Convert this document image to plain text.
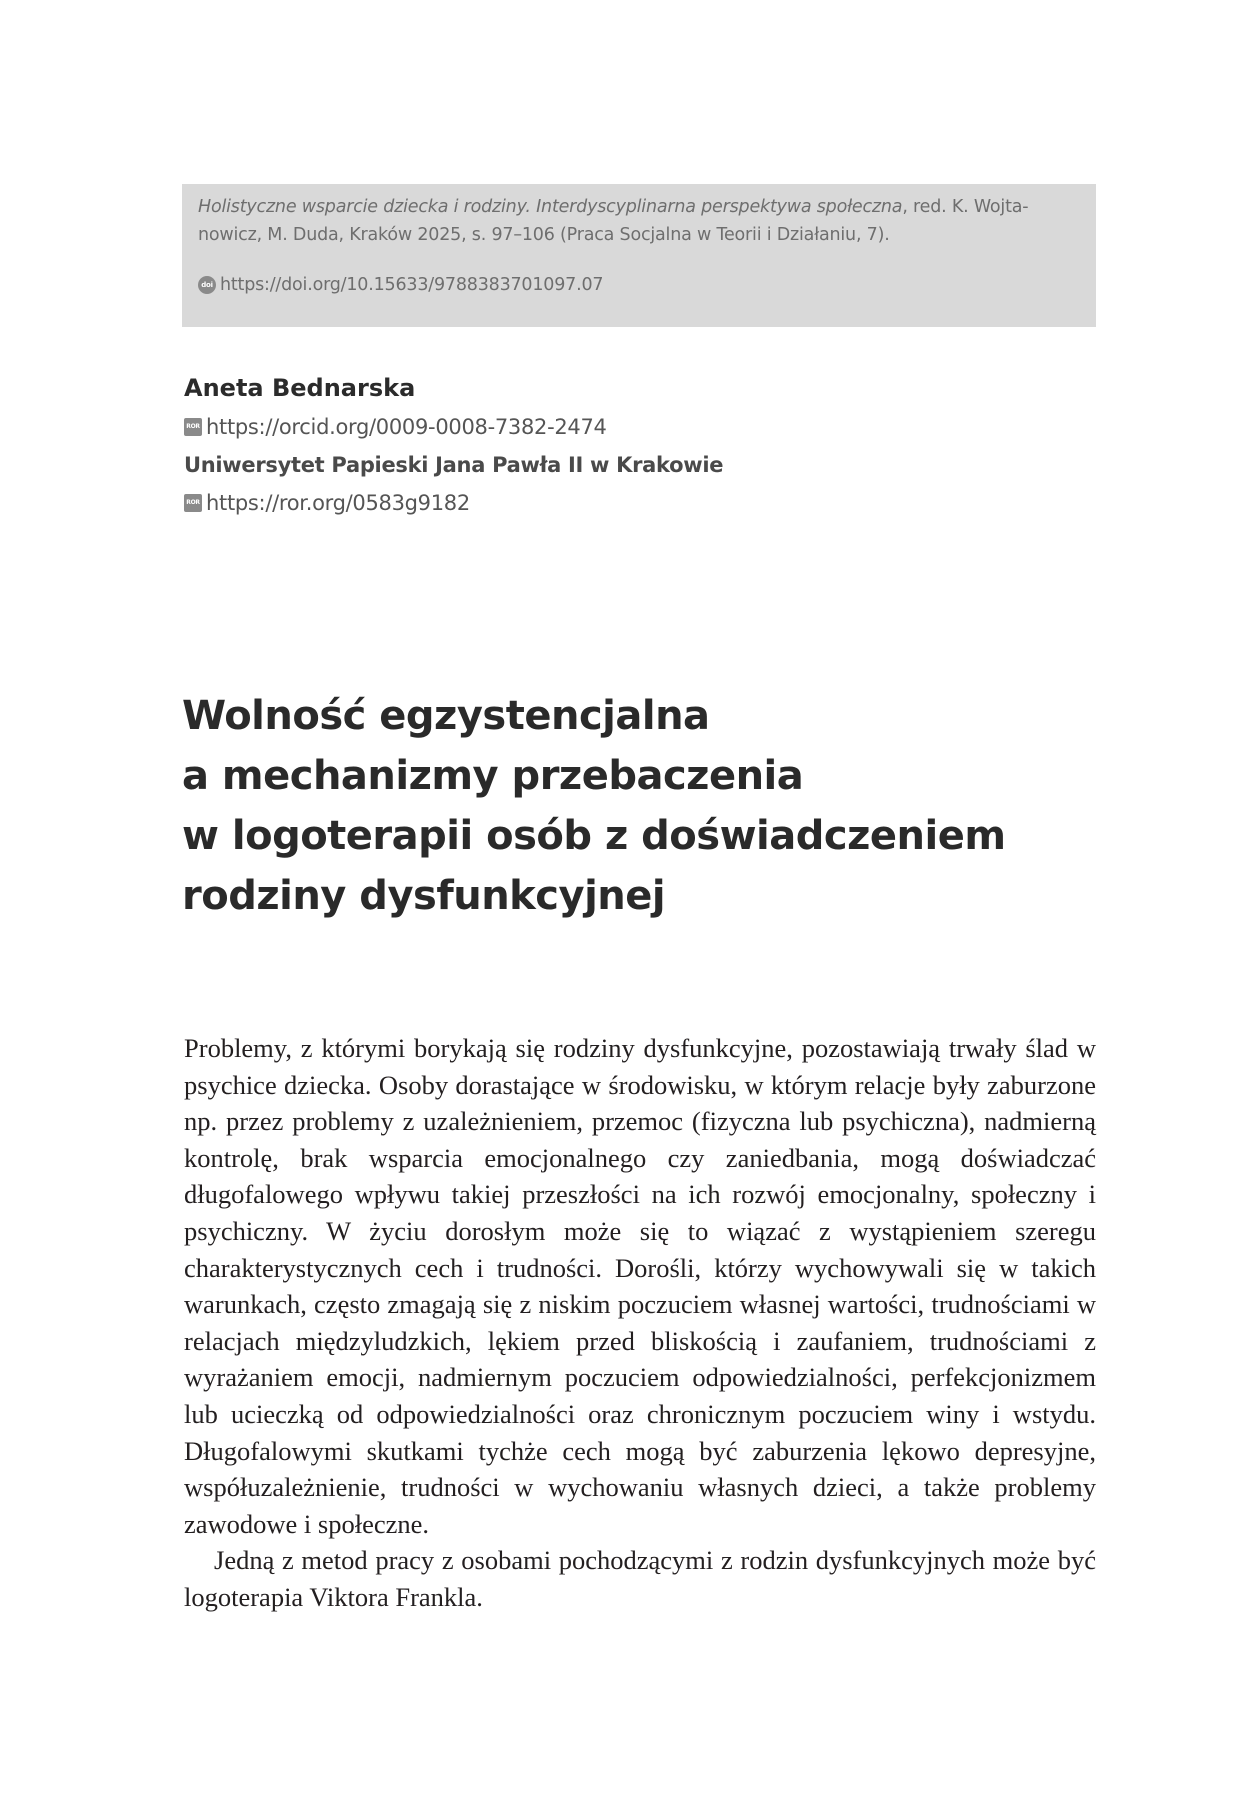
Holistyczne wsparcie dziecka i rodziny. Interdyscyplinarna perspektywa społeczna, red. K. Wojtanowicz, M. Duda, Kraków 2025, s. 97–106 (Praca Socjalna w Teorii i Działaniu, 7).
doi https://doi.org/10.15633/9788383701097.07
Aneta Bednarska
ROR https://orcid.org/0009-0008-7382-2474
Uniwersytet Papieski Jana Pawła II w Krakowie
ROR https://ror.org/0583g9182
Wolność egzystencjalna
a mechanizmy przebaczenia
w logoterapii osób z doświadczeniem
rodziny dysfunkcyjnej

Problemy, z którymi borykają się rodziny dysfunkcyjne, pozostawiają trwały ślad w psychice dziecka. Osoby dorastające w środowisku, w którym relacje były zaburzone np. przez problemy z uzależnieniem, przemoc (fizyczna lub psychiczna), nadmierną kontrolę, brak wsparcia emocjonalnego czy zaniedbania, mogą doświadczać długofalowego wpływu takiej przeszłości na ich rozwój emocjonalny, społeczny i psychiczny. W życiu dorosłym może się to wiązać z wystąpieniem szeregu charakterystycznych cech i trudności. Dorośli, którzy wychowywali się w takich warunkach, często zmagają się z niskim poczuciem własnej wartości, trudnościami w relacjach międzyludzkich, lękiem przed bliskością i zaufaniem, trudnościami z wyrażaniem emocji, nadmiernym poczuciem odpowiedzialności, perfekcjonizmem lub ucieczką od odpowiedzialności oraz chronicznym poczuciem winy i wstydu. Długofalowymi skutkami tychże cech mogą być zaburzenia lękowo depresyjne, współuzależnienie, trudności w wychowaniu własnych dzieci, a także problemy zawodowe i społeczne.

Jedną z metod pracy z osobami pochodzącymi z rodzin dysfunkcyjnych może być logoterapia Viktora Frankla.
